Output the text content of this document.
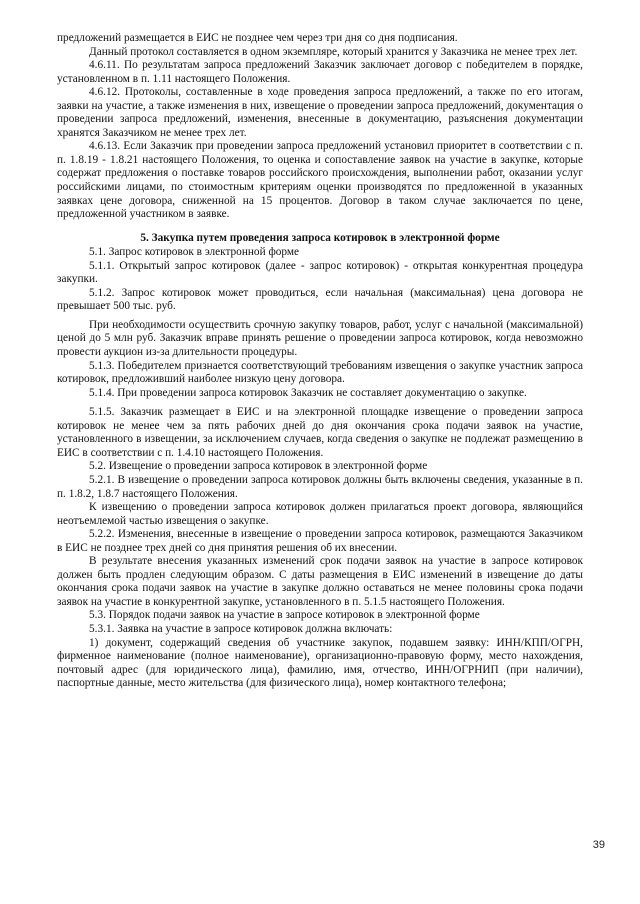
предложений размещается в ЕИС не позднее чем через три дня со дня подписания.

Данный протокол составляется в одном экземпляре, который хранится у Заказчика не менее трех лет.

4.6.11. По результатам запроса предложений Заказчик заключает договор с победителем в порядке, установленном в п. 1.11 настоящего Положения.

4.6.12. Протоколы, составленные в ходе проведения запроса предложений, а также по его итогам, заявки на участие, а также изменения в них, извещение о проведении запроса предложений, документация о проведении запроса предложений, изменения, внесенные в документацию, разъяснения документации хранятся Заказчиком не менее трех лет.

4.6.13. Если Заказчик при проведении запроса предложений установил приоритет в соответствии с п. п. 1.8.19 - 1.8.21 настоящего Положения, то оценка и сопоставление заявок на участие в закупке, которые содержат предложения о поставке товаров российского происхождения, выполнении работ, оказании услуг российскими лицами, по стоимостным критериям оценки производятся по предложенной в указанных заявках цене договора, сниженной на 15 процентов. Договор в таком случае заключается по цене, предложенной участником в заявке.

5. Закупка путем проведения запроса котировок в электронной форме

5.1. Запрос котировок в электронной форме

5.1.1. Открытый запрос котировок (далее - запрос котировок) - открытая конкурентная процедура закупки.

5.1.2. Запрос котировок может проводиться, если начальная (максимальная) цена договора не превышает 500 тыс. руб.

При необходимости осуществить срочную закупку товаров, работ, услуг с начальной (максимальной) ценой до 5 млн руб. Заказчик вправе принять решение о проведении запроса котировок, когда невозможно провести аукцион из-за длительности процедуры.

5.1.3. Победителем признается соответствующий требованиям извещения о закупке участник запроса котировок, предложивший наиболее низкую цену договора.

5.1.4. При проведении запроса котировок Заказчик не составляет документацию о закупке.

5.1.5. Заказчик размещает в ЕИС и на электронной площадке извещение о проведении запроса котировок не менее чем за пять рабочих дней до дня окончания срока подачи заявок на участие, установленного в извещении, за исключением случаев, когда сведения о закупке не подлежат размещению в ЕИС в соответствии с п. 1.4.10 настоящего Положения.

5.2. Извещение о проведении запроса котировок в электронной форме

5.2.1. В извещение о проведении запроса котировок должны быть включены сведения, указанные в п. п. 1.8.2, 1.8.7 настоящего Положения.

К извещению о проведении запроса котировок должен прилагаться проект договора, являющийся неотъемлемой частью извещения о закупке.

5.2.2. Изменения, внесенные в извещение о проведении запроса котировок, размещаются Заказчиком в ЕИС не позднее трех дней со дня принятия решения об их внесении.

В результате внесения указанных изменений срок подачи заявок на участие в запросе котировок должен быть продлен следующим образом. С даты размещения в ЕИС изменений в извещение до даты окончания срока подачи заявок на участие в закупке должно оставаться не менее половины срока подачи заявок на участие в конкурентной закупке, установленного в п. 5.1.5 настоящего Положения.

5.3. Порядок подачи заявок на участие в запросе котировок в электронной форме

5.3.1. Заявка на участие в запросе котировок должна включать:

1) документ, содержащий сведения об участнике закупок, подавшем заявку: ИНН/КПП/ОГРН, фирменное наименование (полное наименование), организационно-правовую форму, место нахождения, почтовый адрес (для юридического лица), фамилию, имя, отчество, ИНН/ОГРНИП (при наличии), паспортные данные, место жительства (для физического лица), номер контактного телефона;

39
